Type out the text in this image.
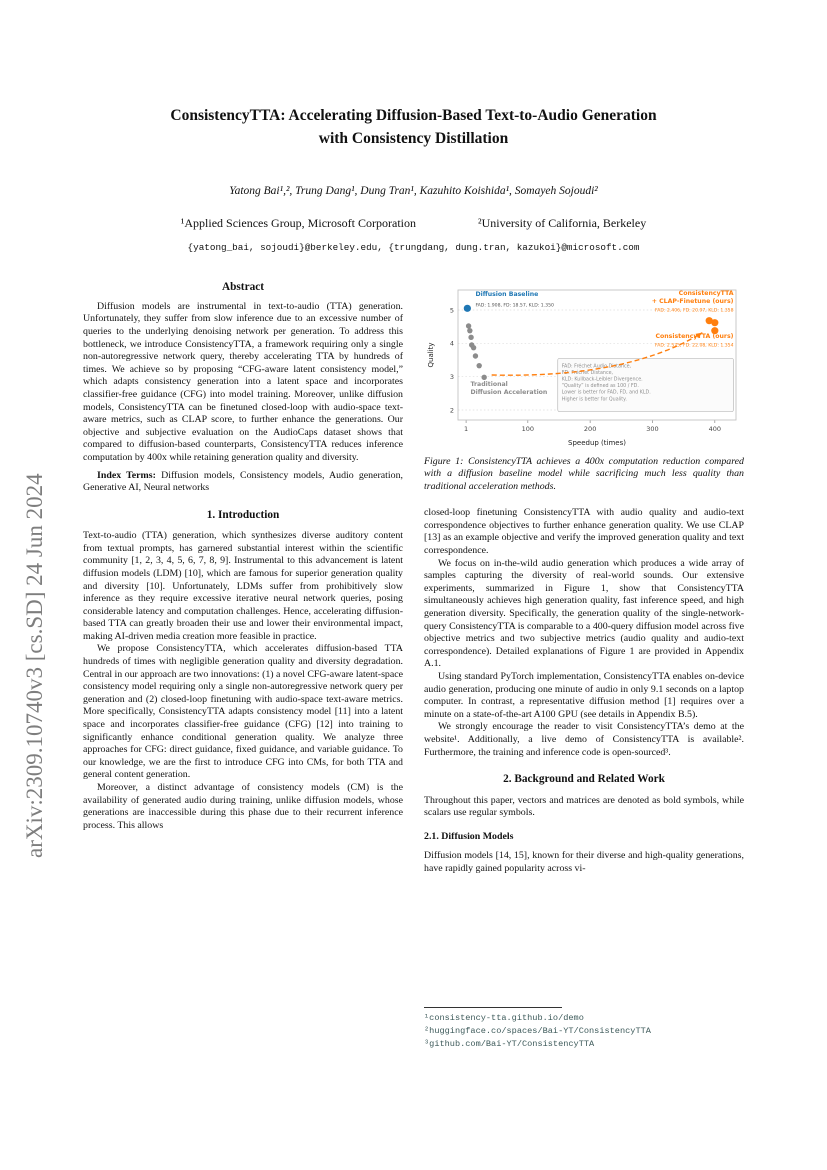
arXiv:2309.10740v3 [cs.SD] 24 Jun 2024
ConsistencyTTA: Accelerating Diffusion-Based Text-to-Audio Generation
with Consistency Distillation
Yatong Bai¹,², Trung Dang¹, Dung Tran¹, Kazuhito Koishida¹, Somayeh Sojoudi²
¹Applied Sciences Group, Microsoft Corporation	²University of California, Berkeley
{yatong_bai, sojoudi}@berkeley.edu, {trungdang, dung.tran, kazukoi}@microsoft.com
Abstract

Diffusion models are instrumental in text-to-audio (TTA) generation. Unfortunately, they suffer from slow inference due to an excessive number of queries to the underlying denoising network per generation. To address this bottleneck, we introduce ConsistencyTTA, a framework requiring only a single non-autoregressive network query, thereby accelerating TTA by hundreds of times. We achieve so by proposing “CFG-aware latent consistency model,” which adapts consistency generation into a latent space and incorporates classifier-free guidance (CFG) into model training. Moreover, unlike diffusion models, ConsistencyTTA can be finetuned closed-loop with audio-space text-aware metrics, such as CLAP score, to further enhance the generations. Our objective and subjective evaluation on the AudioCaps dataset shows that compared to diffusion-based counterparts, ConsistencyTTA reduces inference computation by 400x while retaining generation quality and diversity.

Index Terms: Diffusion models, Consistency models, Audio generation, Generative AI, Neural networks

1. Introduction

Text-to-audio (TTA) generation, which synthesizes diverse auditory content from textual prompts, has garnered substantial interest within the scientific community [1, 2, 3, 4, 5, 6, 7, 8, 9]. Instrumental to this advancement is latent diffusion models (LDM) [10], which are famous for superior generation quality and diversity [10]. Unfortunately, LDMs suffer from prohibitively slow inference as they require excessive iterative neural network queries, posing considerable latency and computation challenges. Hence, accelerating diffusion-based TTA can greatly broaden their use and lower their environmental impact, making AI-driven media creation more feasible in practice.

We propose ConsistencyTTA, which accelerates diffusion-based TTA hundreds of times with negligible generation quality and diversity degradation. Central in our approach are two innovations: (1) a novel CFG-aware latent-space consistency model requiring only a single non-autoregressive network query per generation and (2) closed-loop finetuning with audio-space text-aware metrics. More specifically, ConsistencyTTA adapts consistency model [11] into a latent space and incorporates classifier-free guidance (CFG) [12] into training to significantly enhance conditional generation quality. We analyze three approaches for CFG: direct guidance, fixed guidance, and variable guidance. To our knowledge, we are the first to introduce CFG into CMs, for both TTA and general content generation.

Moreover, a distinct advantage of consistency models (CM) is the availability of generated audio during training, unlike diffusion models, whose generations are inaccessible during this phase due to their recurrent inference process. This allows

2
3
4
5
1	100	200	300	400
Speedup (times)
Quality	FAD: Fréchet Audio Distance,
FD: Fréchet Distance,
KLD: Kullback-Leibler Divergence.
“Quality” is defined as 100 / FD.
Lower is better for FAD, FD, and KLD.
Higher is better for Quality.
Diffusion Baseline
FAD: 1.908, FD: 18.57, KLD: 1.350
Traditional
Diffusion Acceleration
ConsistencyTTA
+ CLAP-Finetune (ours)
FAD: 2.406, FD: 20.97, KLD: 1.358
ConsistencyTTA (ours)
FAD: 2.575, FD: 22.08, KLD: 1.354
Figure 1: ConsistencyTTA achieves a 400x computation reduction compared with a diffusion baseline model while sacrificing much less quality than traditional acceleration methods.

closed-loop finetuning ConsistencyTTA with audio quality and audio-text correspondence objectives to further enhance generation quality. We use CLAP [13] as an example objective and verify the improved generation quality and text correspondence.

We focus on in-the-wild audio generation which produces a wide array of samples capturing the diversity of real-world sounds. Our extensive experiments, summarized in Figure 1, show that ConsistencyTTA simultaneously achieves high generation quality, fast inference speed, and high generation diversity. Specifically, the generation quality of the single-network-query ConsistencyTTA is comparable to a 400-query diffusion model across five objective metrics and two subjective metrics (audio quality and audio-text correspondence). Detailed explanations of Figure 1 are provided in Appendix A.1.

Using standard PyTorch implementation, ConsistencyTTA enables on-device audio generation, producing one minute of audio in only 9.1 seconds on a laptop computer. In contrast, a representative diffusion method [1] requires over a minute on a state-of-the-art A100 GPU (see details in Appendix B.5).

We strongly encourage the reader to visit ConsistencyTTA’s demo at the website¹. Additionally, a live demo of ConsistencyTTA is available². Furthermore, the training and inference code is open-sourced³.

2. Background and Related Work

Throughout this paper, vectors and matrices are denoted as bold symbols, while scalars use regular symbols.

2.1. Diffusion Models

Diffusion models [14, 15], known for their diverse and high-quality generations, have rapidly gained popularity across vi-

¹consistency-tta.github.io/demo
²huggingface.co/spaces/Bai-YT/ConsistencyTTA
³github.com/Bai-YT/ConsistencyTTA
